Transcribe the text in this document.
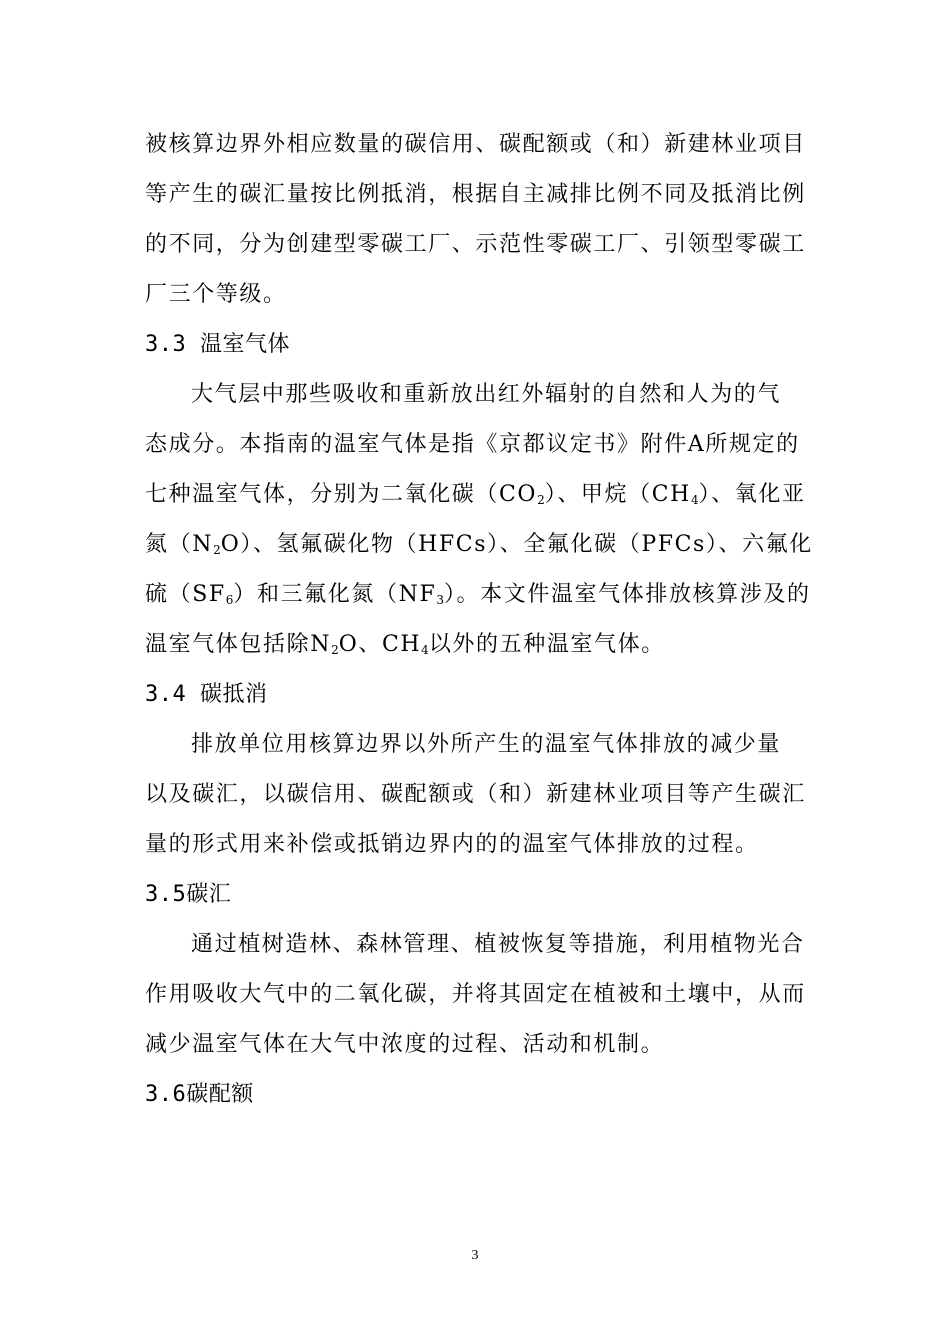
被核算边界外相应数量的碳信用、碳配额或（和）新建林业项目
等产生的碳汇量按比例抵消，根据自主减排比例不同及抵消比例
的不同，分为创建型零碳工厂、示范性零碳工厂、引领型零碳工
厂三个等级。
3.3 温室气体
大气层中那些吸收和重新放出红外辐射的自然和人为的气
态成分。本指南的温室气体是指《京都议定书》附件A所规定的
七种温室气体，分别为二氧化碳$(CO_2)$、甲烷$(CH_4)$、氧化亚
氮$(N_2O)$、氢氟碳化物（HFCs）、全氟化碳（PFCs）、六氟化
硫$(SF_6)$和三氟化氮$(NF_3)$。本文件温室气体排放核算涉及的
温室气体包括除$N_2O$、$CH_4$以外的五种温室气体。
3.4 碳抵消
排放单位用核算边界以外所产生的温室气体排放的减少量
以及碳汇，以碳信用、碳配额或（和）新建林业项目等产生碳汇
量的形式用来补偿或抵销边界内的的温室气体排放的过程。
3.5碳汇
通过植树造林、森林管理、植被恢复等措施，利用植物光合
作用吸收大气中的二氧化碳，并将其固定在植被和土壤中，从而
减少温室气体在大气中浓度的过程、活动和机制。
3.6碳配额
3
